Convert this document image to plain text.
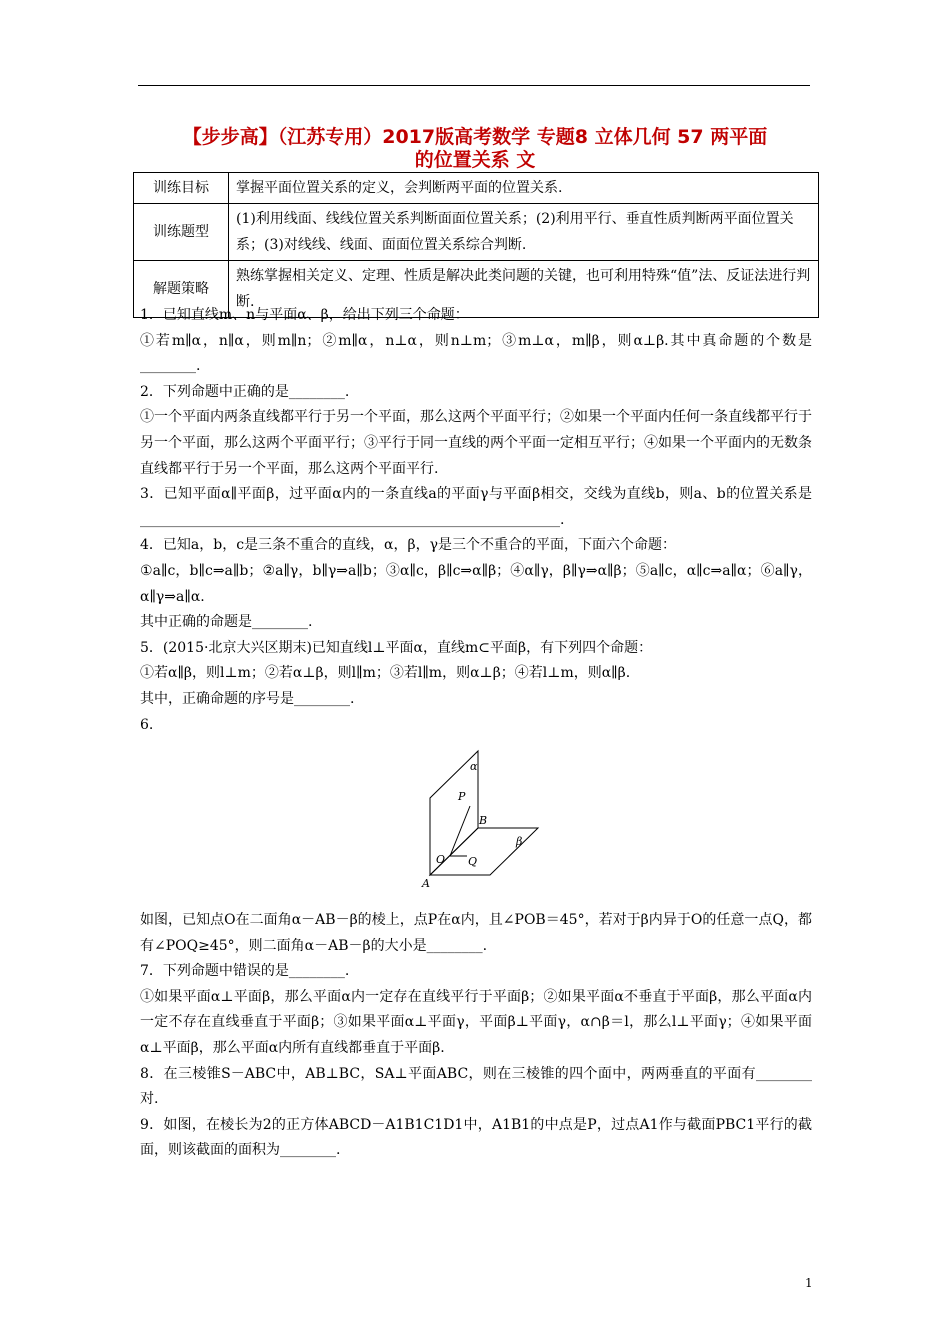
【步步高】（江苏专用）2017版高考数学 专题8 立体几何 57 两平面
的位置关系 文
训练目标	掌握平面位置关系的定义，会判断两平面的位置关系.
训练题型	(1)利用线面、线线位置关系判断面面位置关系；(2)利用平行、垂直性质判断两平面位置关系；(3)对线线、线面、面面位置关系综合判断.
解题策略	熟练掌握相关定义、定理、性质是解决此类问题的关键，也可利用特殊“值”法、反证法进行判断.

1．已知直线m、n与平面α、β，给出下列三个命题：

①若m∥α，n∥α，则m∥n；②m∥α，n⊥α，则n⊥m；③m⊥α，m∥β，则α⊥β.其中真命题的个数是________.

2．下列命题中正确的是________.

①一个平面内两条直线都平行于另一个平面，那么这两个平面平行；②如果一个平面内任何一条直线都平行于另一个平面，那么这两个平面平行；③平行于同一直线的两个平面一定相互平行；④如果一个平面内的无数条直线都平行于另一个平面，那么这两个平面平行.

3．已知平面α∥平面β，过平面α内的一条直线a的平面γ与平面β相交，交线为直线b，则a、b的位置关系是____________________________________________________________.

4．已知a，b，c是三条不重合的直线，α，β，γ是三个不重合的平面，下面六个命题：

①a∥c，b∥c⇒a∥b；②a∥γ，b∥γ⇒a∥b；③α∥c，β∥c⇒α∥β；④α∥γ，β∥γ⇒α∥β；⑤a∥c，α∥c⇒a∥α；⑥a∥γ，α∥γ⇒a∥α.

其中正确的命题是________.

5．(2015·北京大兴区期末)已知直线l⊥平面α，直线m⊂平面β，有下列四个命题：

①若α∥β，则l⊥m；②若α⊥β，则l∥m；③若l∥m，则α⊥β；④若l⊥m，则α∥β.

其中，正确命题的序号是________.

6.

α
P
B
β
O Q
A

如图，已知点O在二面角α－AB－β的棱上，点P在α内，且∠POB＝45°，若对于β内异于O的任意一点Q，都有∠POQ≥45°，则二面角α－AB－β的大小是________.

7．下列命题中错误的是________.

①如果平面α⊥平面β，那么平面α内一定存在直线平行于平面β；②如果平面α不垂直于平面β，那么平面α内一定不存在直线垂直于平面β；③如果平面α⊥平面γ，平面β⊥平面γ，α∩β＝l，那么l⊥平面γ；④如果平面α⊥平面β，那么平面α内所有直线都垂直于平面β.

8．在三棱锥S－ABC中，AB⊥BC，SA⊥平面ABC，则在三棱锥的四个面中，两两垂直的平面有________对.

9．如图，在棱长为2的正方体ABCD－A1B1C1D1中，A1B1的中点是P，过点A1作与截面PBC1平行的截面，则该截面的面积为________.

1
